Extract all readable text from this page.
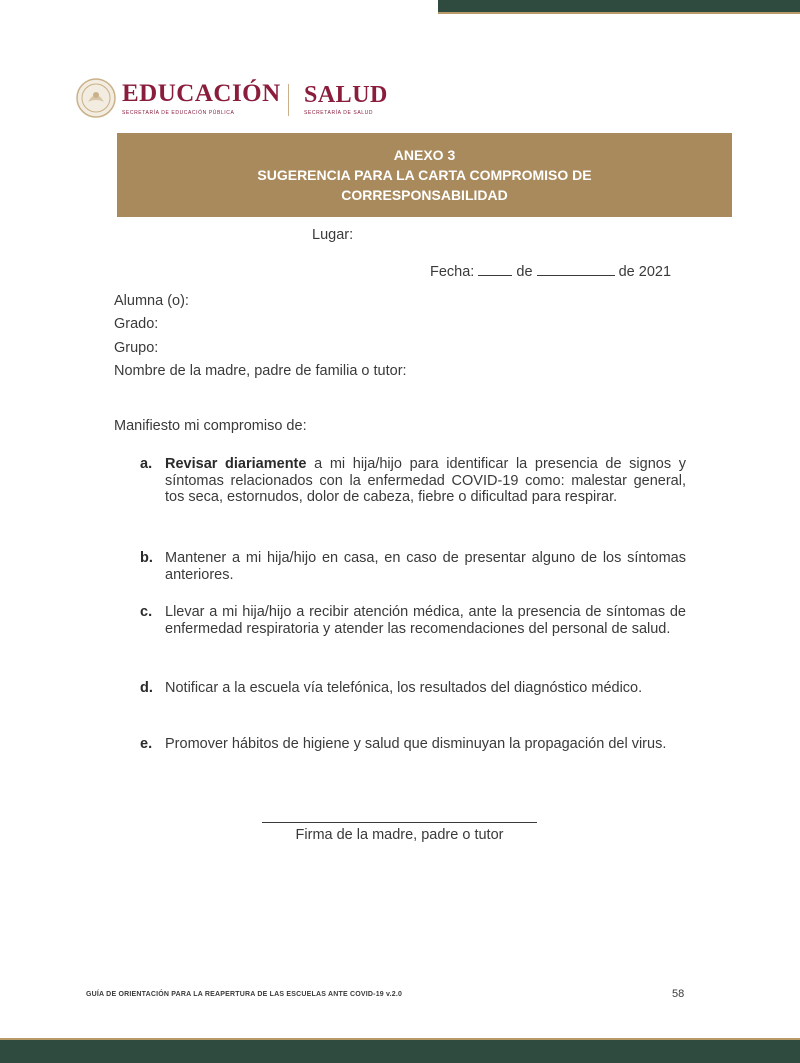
EDUCACIÓN
SECRETARÍA DE EDUCACIÓN PÚBLICA
SALUD
SECRETARÍA DE SALUD
ANEXO 3
SUGERENCIA PARA LA CARTA COMPROMISO DE
CORRESPONSABILIDAD
Lugar:
Fecha:	de	de 2021
Alumna (o):
Grado:
Grupo:
Nombre de la madre, padre de familia o tutor:
Manifiesto mi compromiso de:
a. Revisar diariamente a mi hija/hijo para identificar la presencia de signos y síntomas relacionados con la enfermedad COVID-19 como: malestar general, tos seca, estornudos, dolor de cabeza, fiebre o dificultad para respirar.
b. Mantener a mi hija/hijo en casa, en caso de presentar alguno de los síntomas anteriores.
c. Llevar a mi hija/hijo a recibir atención médica, ante la presencia de síntomas de enfermedad respiratoria y atender las recomendaciones del personal de salud.
d. Notificar a la escuela vía telefónica, los resultados del diagnóstico médico.
e. Promover hábitos de higiene y salud que disminuyan la propagación del virus.
Firma de la madre, padre o tutor
GUÍA DE ORIENTACIÓN PARA LA REAPERTURA DE LAS ESCUELAS ANTE COVID-19 v.2.0	58
